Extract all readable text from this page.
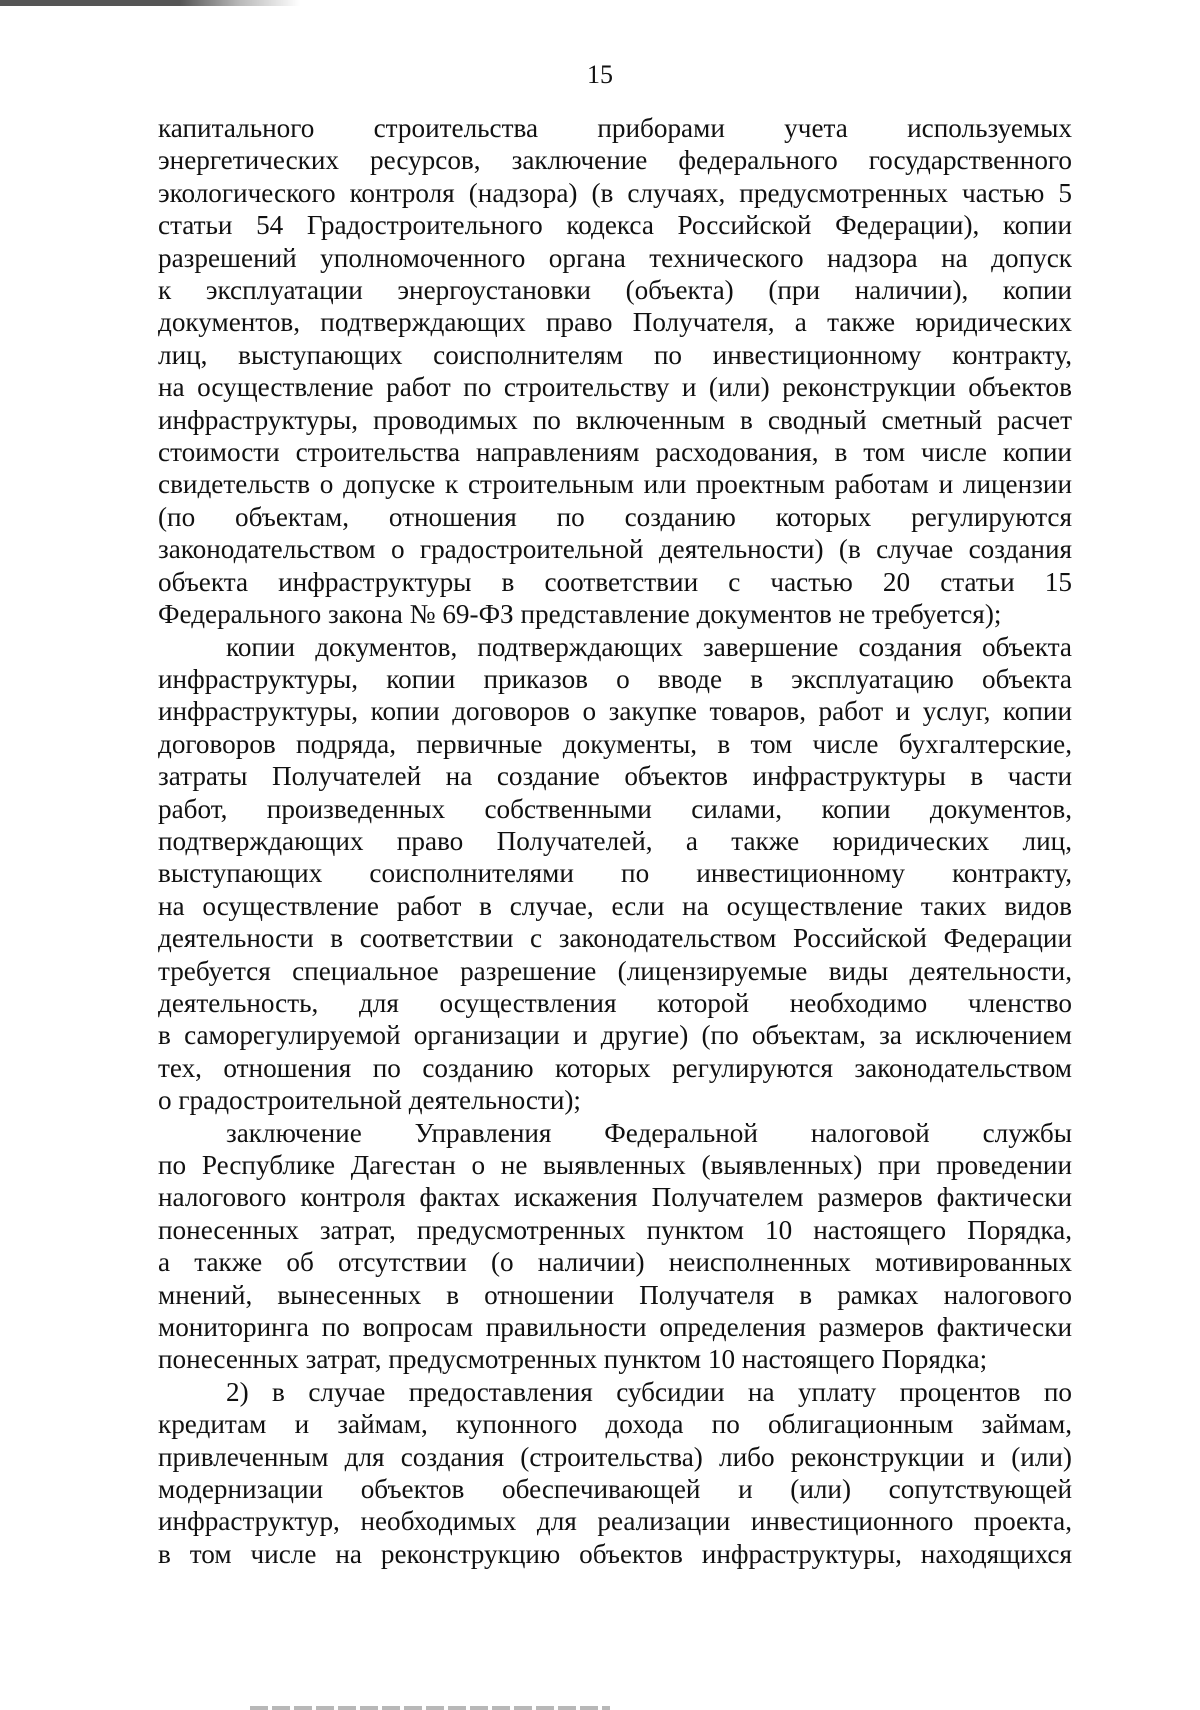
15
капитального строительства приборами учета используемых
энергетических ресурсов, заключение федерального государственного
экологического контроля (надзора) (в случаях, предусмотренных частью 5
статьи 54 Градостроительного кодекса Российской Федерации), копии
разрешений уполномоченного органа технического надзора на допуск
к эксплуатации энергоустановки (объекта) (при наличии), копии
документов, подтверждающих право Получателя, а также юридических
лиц, выступающих соисполнителям по инвестиционному контракту,
на осуществление работ по строительству и (или) реконструкции объектов
инфраструктуры, проводимых по включенным в сводный сметный расчет
стоимости строительства направлениям расходования, в том числе копии
свидетельств о допуске к строительным или проектным работам и лицензии
(по объектам, отношения по созданию которых регулируются
законодательством о градостроительной деятельности) (в случае создания
объекта инфраструктуры в соответствии с частью 20 статьи 15
Федерального закона № 69-ФЗ представление документов не требуется);
копии документов, подтверждающих завершение создания объекта
инфраструктуры, копии приказов о вводе в эксплуатацию объекта
инфраструктуры, копии договоров о закупке товаров, работ и услуг, копии
договоров подряда, первичные документы, в том числе бухгалтерские,
затраты Получателей на создание объектов инфраструктуры в части
работ, произведенных собственными силами, копии документов,
подтверждающих право Получателей, а также юридических лиц,
выступающих соисполнителями по инвестиционному контракту,
на осуществление работ в случае, если на осуществление таких видов
деятельности в соответствии с законодательством Российской Федерации
требуется специальное разрешение (лицензируемые виды деятельности,
деятельность, для осуществления которой необходимо членство
в саморегулируемой организации и другие) (по объектам, за исключением
тех, отношения по созданию которых регулируются законодательством
о градостроительной деятельности);
заключение Управления Федеральной налоговой службы
по Республике Дагестан о не выявленных (выявленных) при проведении
налогового контроля фактах искажения Получателем размеров фактически
понесенных затрат, предусмотренных пунктом 10 настоящего Порядка,
а также об отсутствии (о наличии) неисполненных мотивированных
мнений, вынесенных в отношении Получателя в рамках налогового
мониторинга по вопросам правильности определения размеров фактически
понесенных затрат, предусмотренных пунктом 10 настоящего Порядка;
2) в случае предоставления субсидии на уплату процентов по
кредитам и займам, купонного дохода по облигационным займам,
привлеченным для создания (строительства) либо реконструкции и (или)
модернизации объектов обеспечивающей и (или) сопутствующей
инфраструктур, необходимых для реализации инвестиционного проекта,
в том числе на реконструкцию объектов инфраструктуры, находящихся
